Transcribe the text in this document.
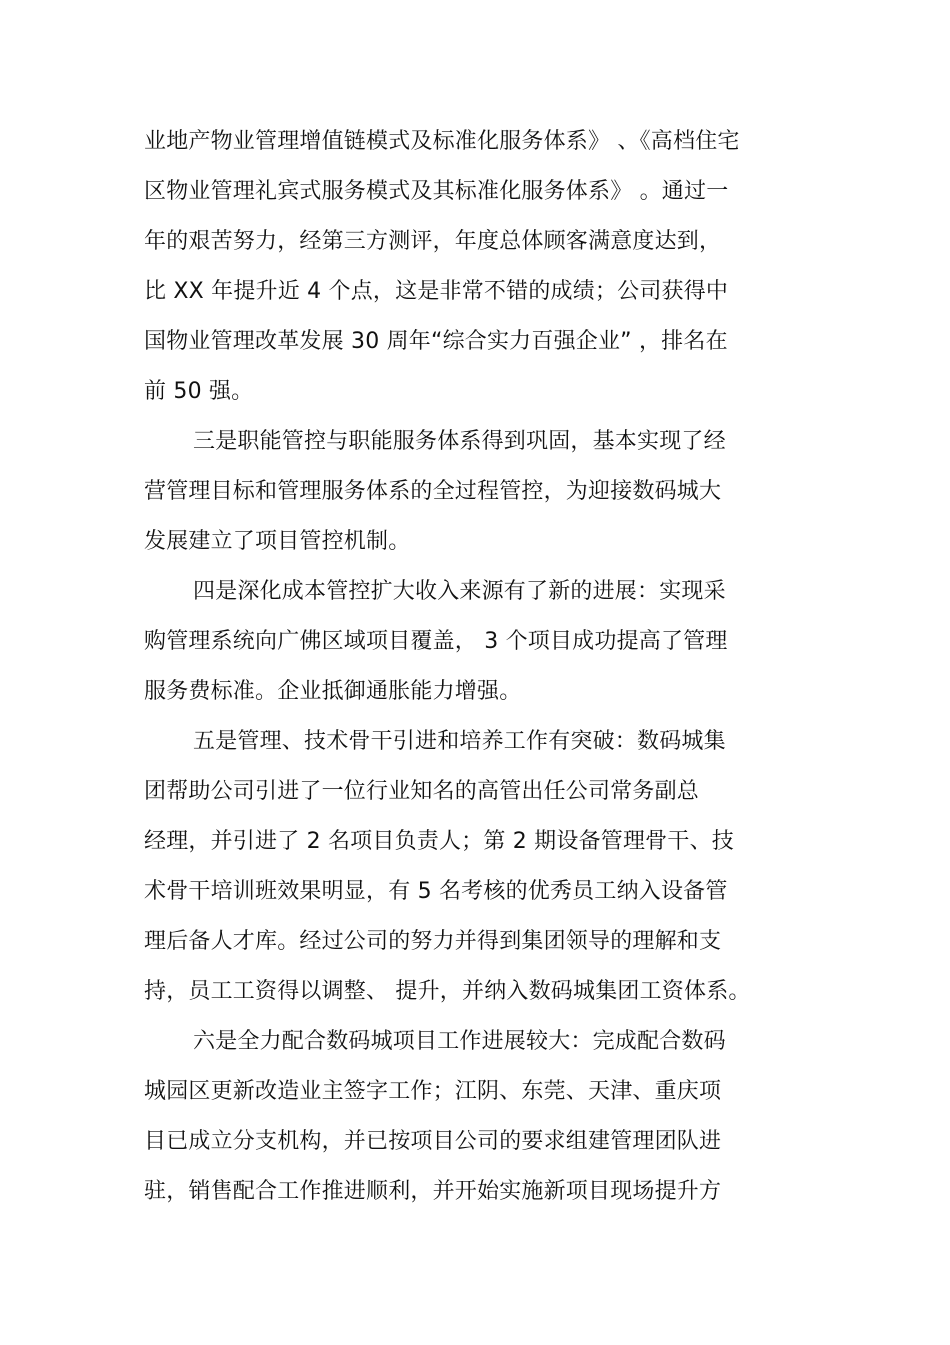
业地产物业管理增值链模式及标准化服务体系》 、《高档住宅
区物业管理礼宾式服务模式及其标准化服务体系》 。通过一
年的艰苦努力，经第三方测评，年度总体顾客满意度达到，
比 XX 年提升近 4 个点，这是非常不错的成绩；公司获得中
国物业管理改革发展 30 周年“综合实力百强企业” ，排名在
前 50 强。
三是职能管控与职能服务体系得到巩固，基本实现了经
营管理目标和管理服务体系的全过程管控，为迎接数码城大
发展建立了项目管控机制。
四是深化成本管控扩大收入来源有了新的进展：实现采
购管理系统向广佛区域项目覆盖， 3 个项目成功提高了管理
服务费标准。企业抵御通胀能力增强。
五是管理、技术骨干引进和培养工作有突破：数码城集
团帮助公司引进了一位行业知名的高管出任公司常务副总
经理，并引进了 2 名项目负责人；第 2 期设备管理骨干、技
术骨干培训班效果明显，有 5 名考核的优秀员工纳入设备管
理后备人才库。经过公司的努力并得到集团领导的理解和支
持，员工工资得以调整、 提升，并纳入数码城集团工资体系。
六是全力配合数码城项目工作进展较大：完成配合数码
城园区更新改造业主签字工作；江阴、东莞、天津、重庆项
目已成立分支机构，并已按项目公司的要求组建管理团队进
驻，销售配合工作推进顺利，并开始实施新项目现场提升方
